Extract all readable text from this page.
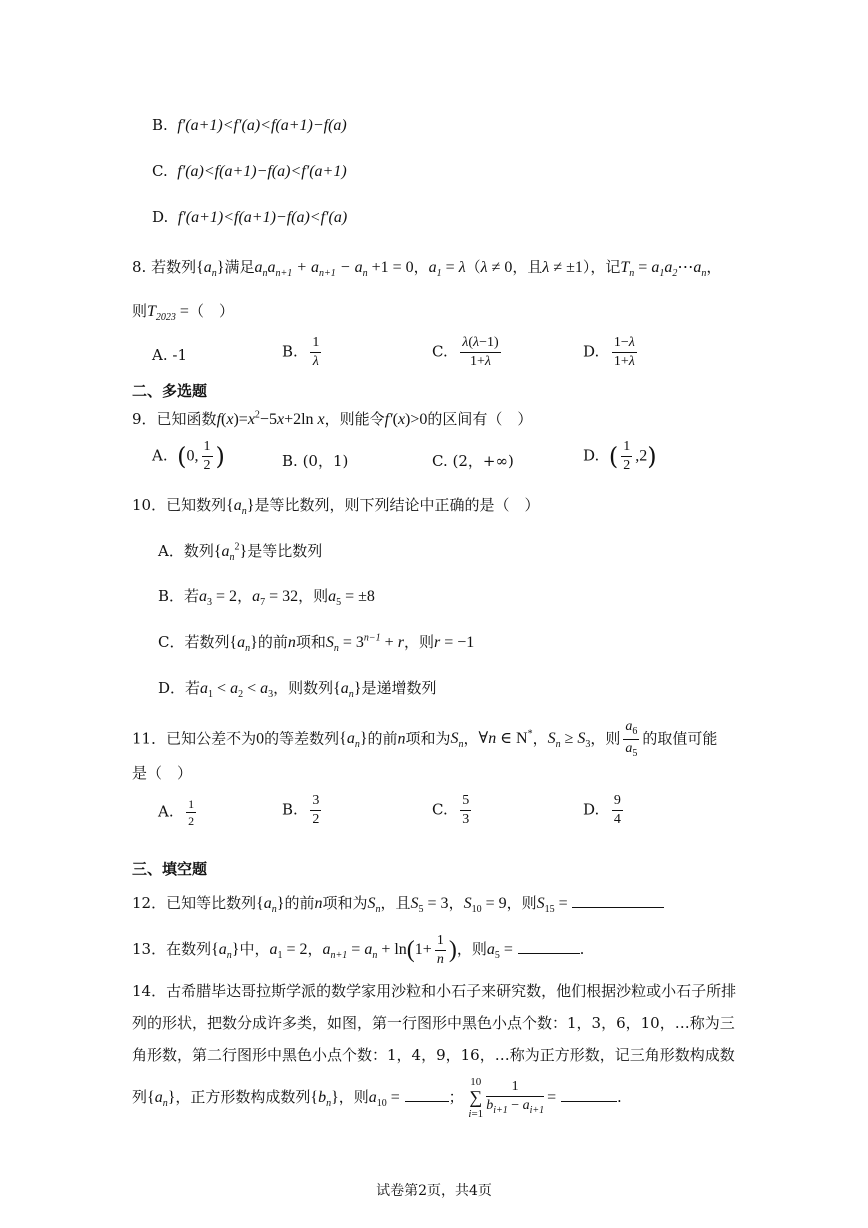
B. f′(a+1)<f′(a)<f(a+1)−f(a)
C. f′(a)<f(a+1)−f(a)<f′(a+1)
D. f′(a+1)<f(a+1)−f(a)<f′(a)
8. 若数列$\{a_n\}$满足$a_na_{n+1} + a_{n+1} - a_n +1 = 0$，$a_1 = \lambda(\lambda \ne 0$，且λ ≠ ±1），记$T_n$ = $a_1a_2\cdots a_n$，
则$T_{2023}$ =（　）
A. -1	B. $\frac{1}{\lambda}$	C. $\frac{\lambda(\lambda-1)}{1+\lambda}$	D. $\frac{1-\lambda}{1+\lambda}$
二、多选题
9．已知函数$f(x)=x^2-5x+2\ln$ x，则能令f′(x)>0的区间有（　）
A. (0, $\frac{1}{2}$ )	B. (0，1)	C. (2，+∞)	D. ( $\frac{1}{2} ,2$)
10．已知数列$\{a_n\}$是等比数列，则下列结论中正确的是（　）
A．数列$\{a_n^2\}$是等比数列
B．若$a_3 = 2$，$a_7 = 32$，则$a_5 = \pm 8$
C．若数列$\{a_n\}$的前n项和$S_n = 3^{n-1} + r$，则r = −1
D．若$a_1 < a_2 < a_3$，则数列$\{a_n\}$是递增数列
11．已知公差不为0的等差数列$\{a_n\}$的前n项和为$S_n$，∀n ∈ N*，$S_n \ge S_3$，则 $\frac{a_6}{a_5}$ 的取值可能
是（　）
A. $\frac{1}{2}$	B. $\frac{3}{2}$	C. $\frac{5}{3}$	D. $\frac{9}{4}$
三、填空题
12．已知等比数列$\{a_n\}$的前n项和为$S_n$，且$S_5 = 3$，$S_{10} = 9$，则$S_{15}$ =
13．在数列$\{a_n\}$中，$a_1 = 2$，$a_{n+1} = a_n + \ln(1+ \frac{1}{n}$ )，则$a_5$ =	.
14．古希腊毕达哥拉斯学派的数学家用沙粒和小石子来研究数，他们根据沙粒或小石子所排
列的形状，把数分成许多类，如图，第一行图形中黑色小点个数：1，3，6，10，…称为三
角形数，第二行图形中黑色小点个数：1，4，9，16，…称为正方形数，记三角形数构成数
列$\{a_n\}$，正方形数构成数列$\{b_n\}$，则$a_{10}$ =	；
10
∑
$i=1 \frac{1}{b_{i+1} - a_{i+1}}$ =	.
试卷第2页，共4页
